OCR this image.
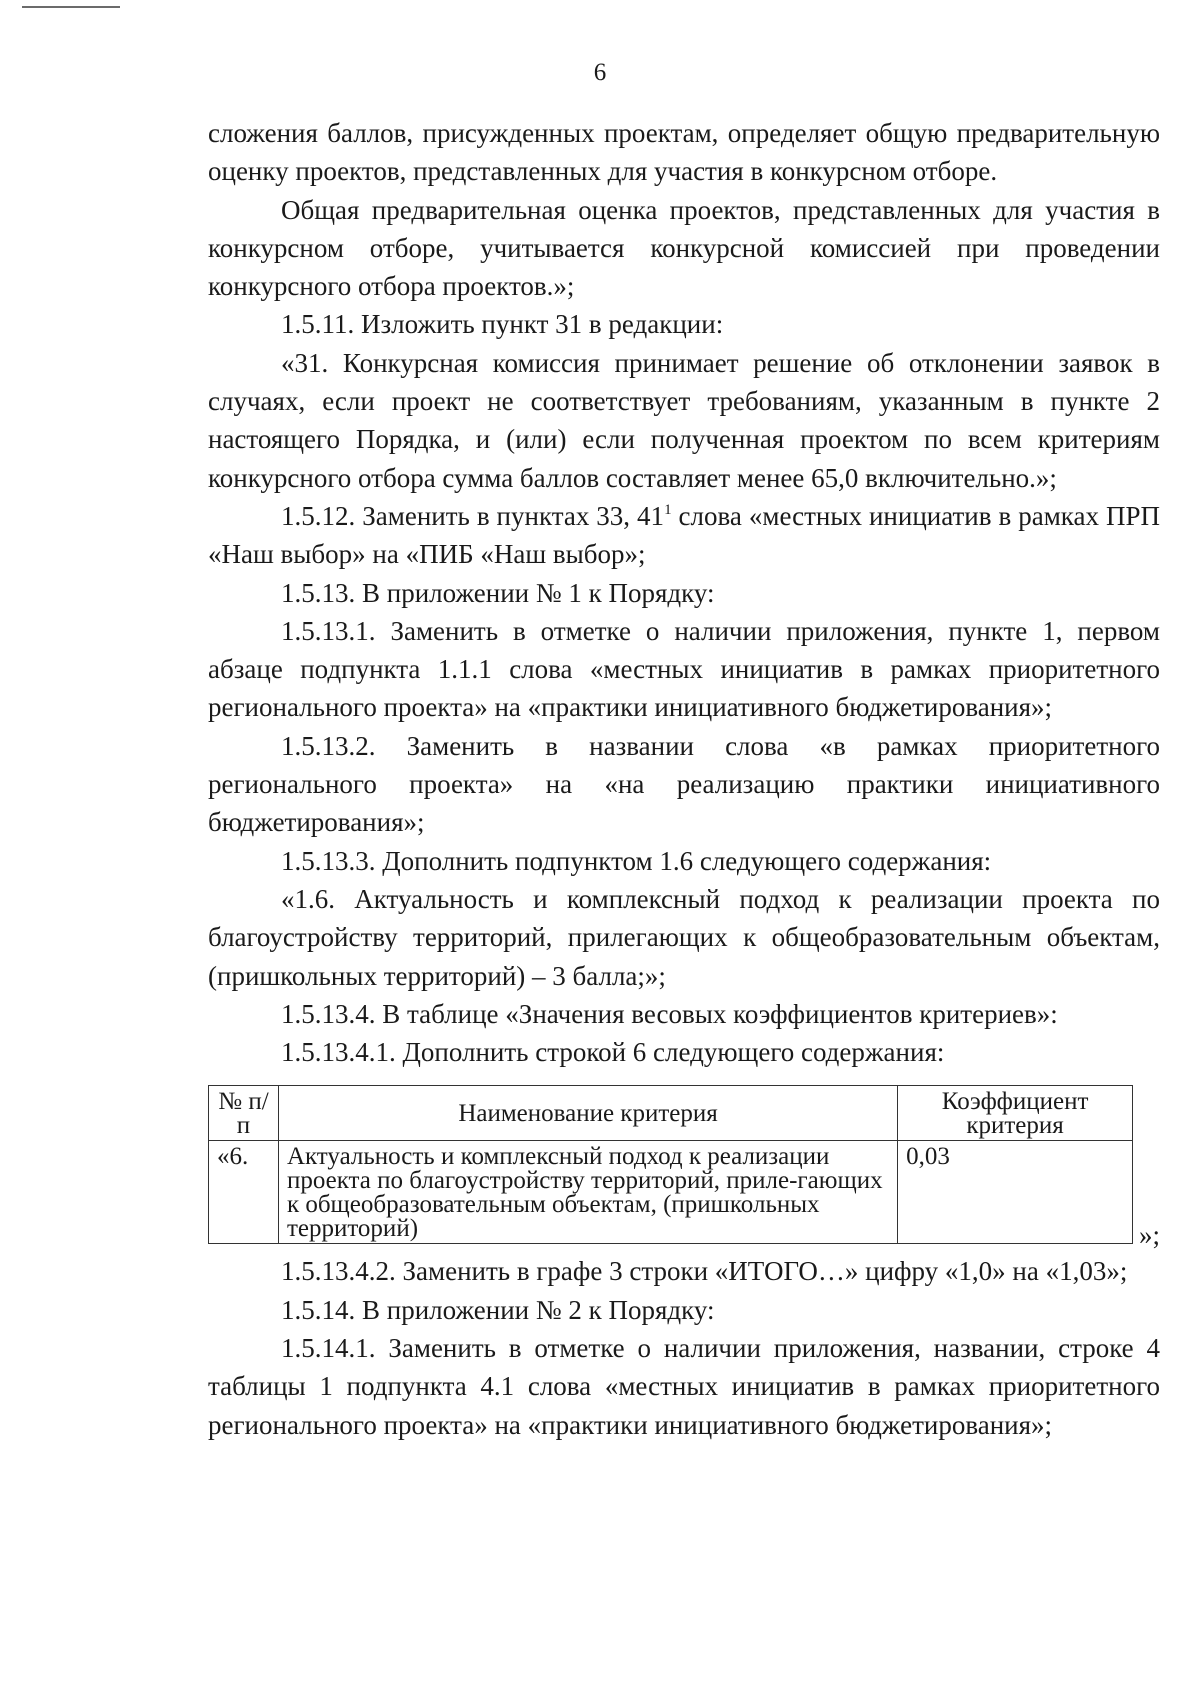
6

сложения баллов, присужденных проектам, определяет общую предварительную оценку проектов, представленных для участия в конкурсном отборе.

Общая предварительная оценка проектов, представленных для участия в конкурсном отборе, учитывается конкурсной комиссией при проведении конкурсного отбора проектов.»;

1.5.11. Изложить пункт 31 в редакции:

«31. Конкурсная комиссия принимает решение об отклонении заявок в случаях, если проект не соответствует требованиям, указанным в пункте 2 настоящего Порядка, и (или) если полученная проектом по всем критериям конкурсного отбора сумма баллов составляет менее 65,0 включительно.»;

1.5.12. Заменить в пунктах 33, $41^1$ слова «местных инициатив в рамках ПРП «Наш выбор» на «ПИБ «Наш выбор»;

1.5.13. В приложении № 1 к Порядку:

1.5.13.1. Заменить в отметке о наличии приложения, пункте 1, первом абзаце подпункта 1.1.1 слова «местных инициатив в рамках приоритетного регионального проекта» на «практики инициативного бюджетирования»;

1.5.13.2. Заменить в названии слова «в рамках приоритетного регионального проекта» на «на реализацию практики инициативного бюджетирования»;

1.5.13.3. Дополнить подпунктом 1.6 следующего содержания:

«1.6. Актуальность и комплексный подход к реализации проекта по благоустройству территорий, прилегающих к общеобразовательным объектам, (пришкольных территорий) – 3 балла;»;

1.5.13.4. В таблице «Значения весовых коэффициентов критериев»:

1.5.13.4.1. Дополнить строкой 6 следующего содержания:

№ п/п	Наименование критерия	Коэффициент критерия
«6.	Актуальность и комплексный подход к реализации проекта по благоустройству территорий, приле-гающих к общеобразовательным объектам, (пришкольных территорий)	0,03
»;

1.5.13.4.2. Заменить в графе 3 строки «ИТОГО…» цифру «1,0» на «1,03»;

1.5.14. В приложении № 2 к Порядку:

1.5.14.1. Заменить в отметке о наличии приложения, названии, строке 4 таблицы 1 подпункта 4.1 слова «местных инициатив в рамках приоритетного регионального проекта» на «практики инициативного бюджетирования»;
